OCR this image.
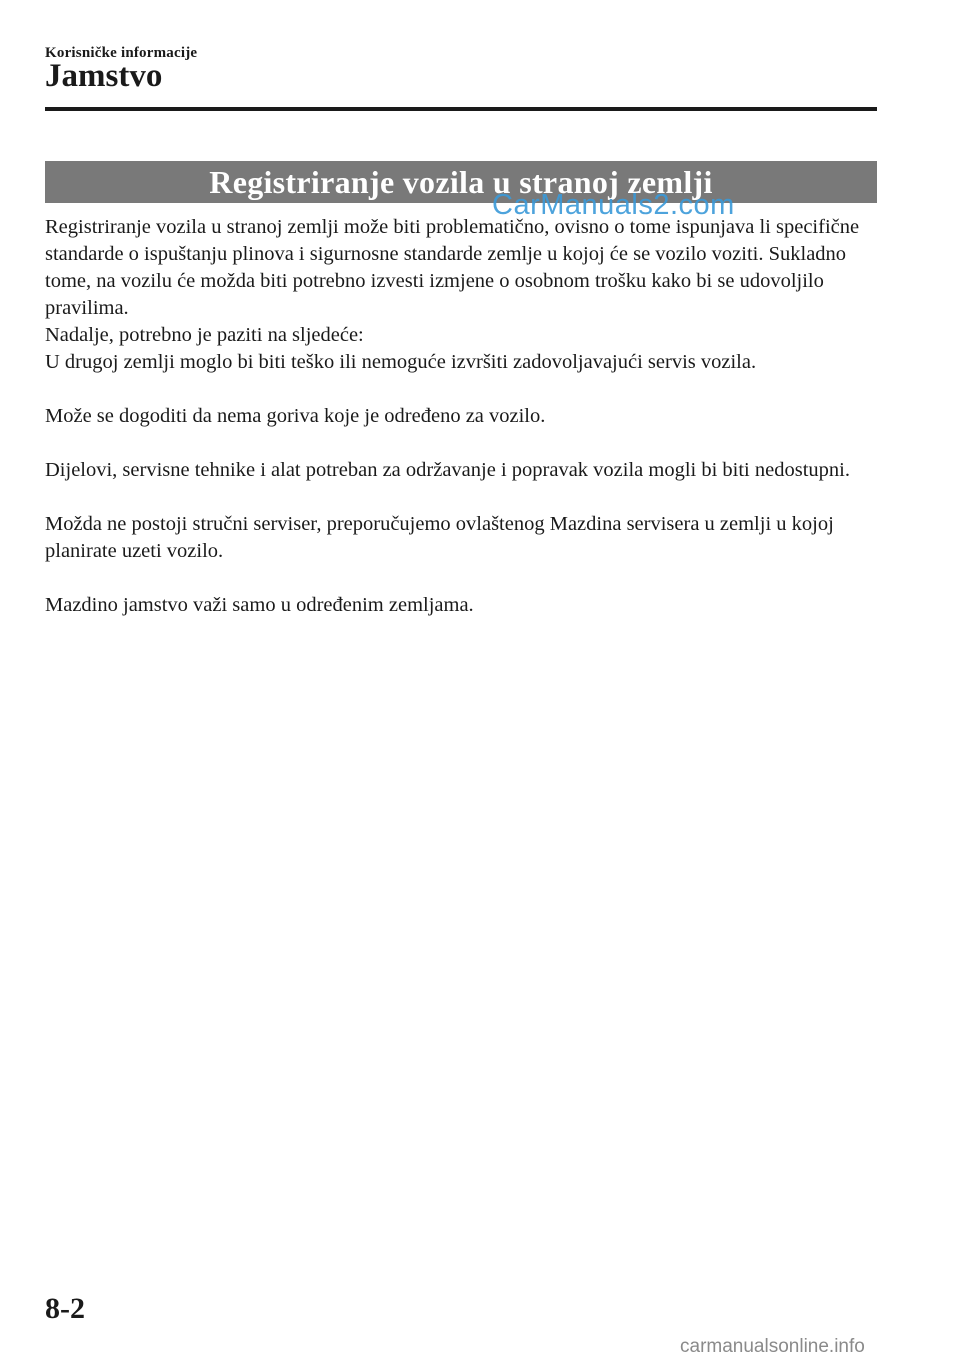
Korisničke informacije
Jamstvo
Registriranje vozila u stranoj zemlji
CarManuals2.com

Registriranje vozila u stranoj zemlji može biti problematično, ovisno o tome ispunjava li specifične standarde o ispuštanju plinova i sigurnosne standarde zemlje u kojoj će se vozilo voziti. Sukladno tome, na vozilu će možda biti potrebno izvesti izmjene o osobnom trošku kako bi se udovoljilo pravilima.

Nadalje, potrebno je paziti na sljedeće:

U drugoj zemlji moglo bi biti teško ili nemoguće izvršiti zadovoljavajući servis vozila.

Može se dogoditi da nema goriva koje je određeno za vozilo.

Dijelovi, servisne tehnike i alat potreban za održavanje i popravak vozila mogli bi biti nedostupni.

Možda ne postoji stručni serviser, preporučujemo ovlaštenog Mazdina servisera u zemlji u kojoj planirate uzeti vozilo.

Mazdino jamstvo važi samo u određenim zemljama.

8-2
carmanualsonline.info
